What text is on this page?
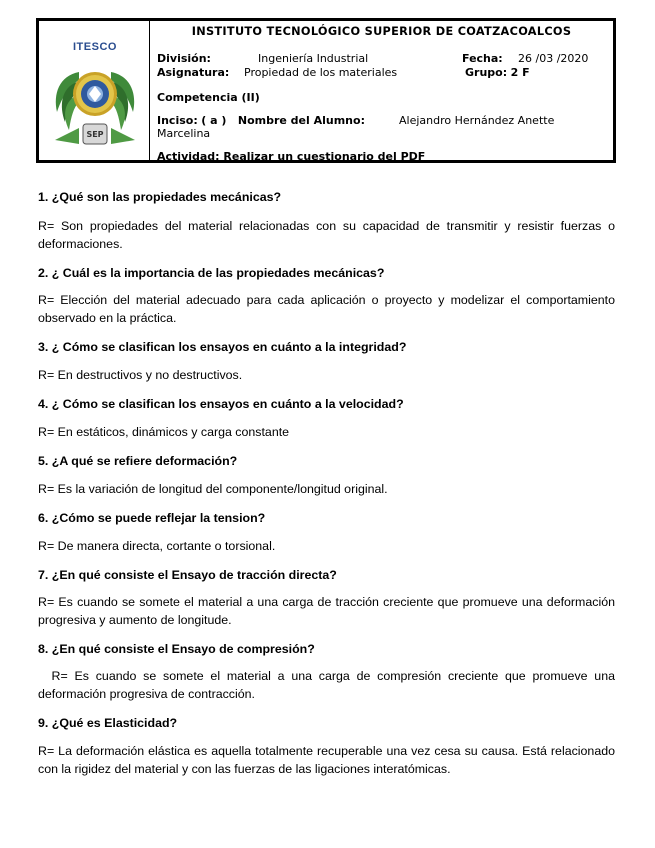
ITESCO
SEP
INSTITUTO TECNOLÓGICO SUPERIOR DE COATZACOALCOS
División:	Ingeniería Industrial	Fecha: 26 /03 /2020
Asignatura: Propiedad de los materiales	Grupo: 2 F
Competencia (II)
Inciso: ( a ) Nombre del Alumno:	Alejandro Hernández Anette
Marcelina
Actividad: Realizar un cuestionario del PDF
1. ¿Qué son las propiedades mecánicas?
R= Son propiedades del material relacionadas con su capacidad de transmitir y resistir fuerzas o deformaciones.
2. ¿ Cuál es la importancia de las propiedades mecánicas?
R= Elección del material adecuado para cada aplicación o proyecto y modelizar el comportamiento observado en la práctica.
3. ¿ Cómo se clasifican los ensayos en cuánto a la integridad?
R= En destructivos y no destructivos.
4. ¿ Cómo se clasifican los ensayos en cuánto a la velocidad?
R= En estáticos, dinámicos y carga constante
5. ¿A qué se refiere deformación?
R= Es la variación de longitud del componente/longitud original.
6. ¿Cómo se puede reflejar la tension?
R= De manera directa, cortante o torsional.
7. ¿En qué consiste el Ensayo de tracción directa?
R= Es cuando se somete el material a una carga de tracción creciente que promueve una deformación progresiva y aumento de longitude.
8. ¿En qué consiste el Ensayo de compresión?
R= Es cuando se somete el material a una carga de compresión creciente que promueve una deformación progresiva de contracción.
9. ¿Qué es Elasticidad?
R= La deformación elástica es aquella totalmente recuperable una vez cesa su causa. Está relacionado con la rigidez del material y con las fuerzas de las ligaciones interatómicas.
